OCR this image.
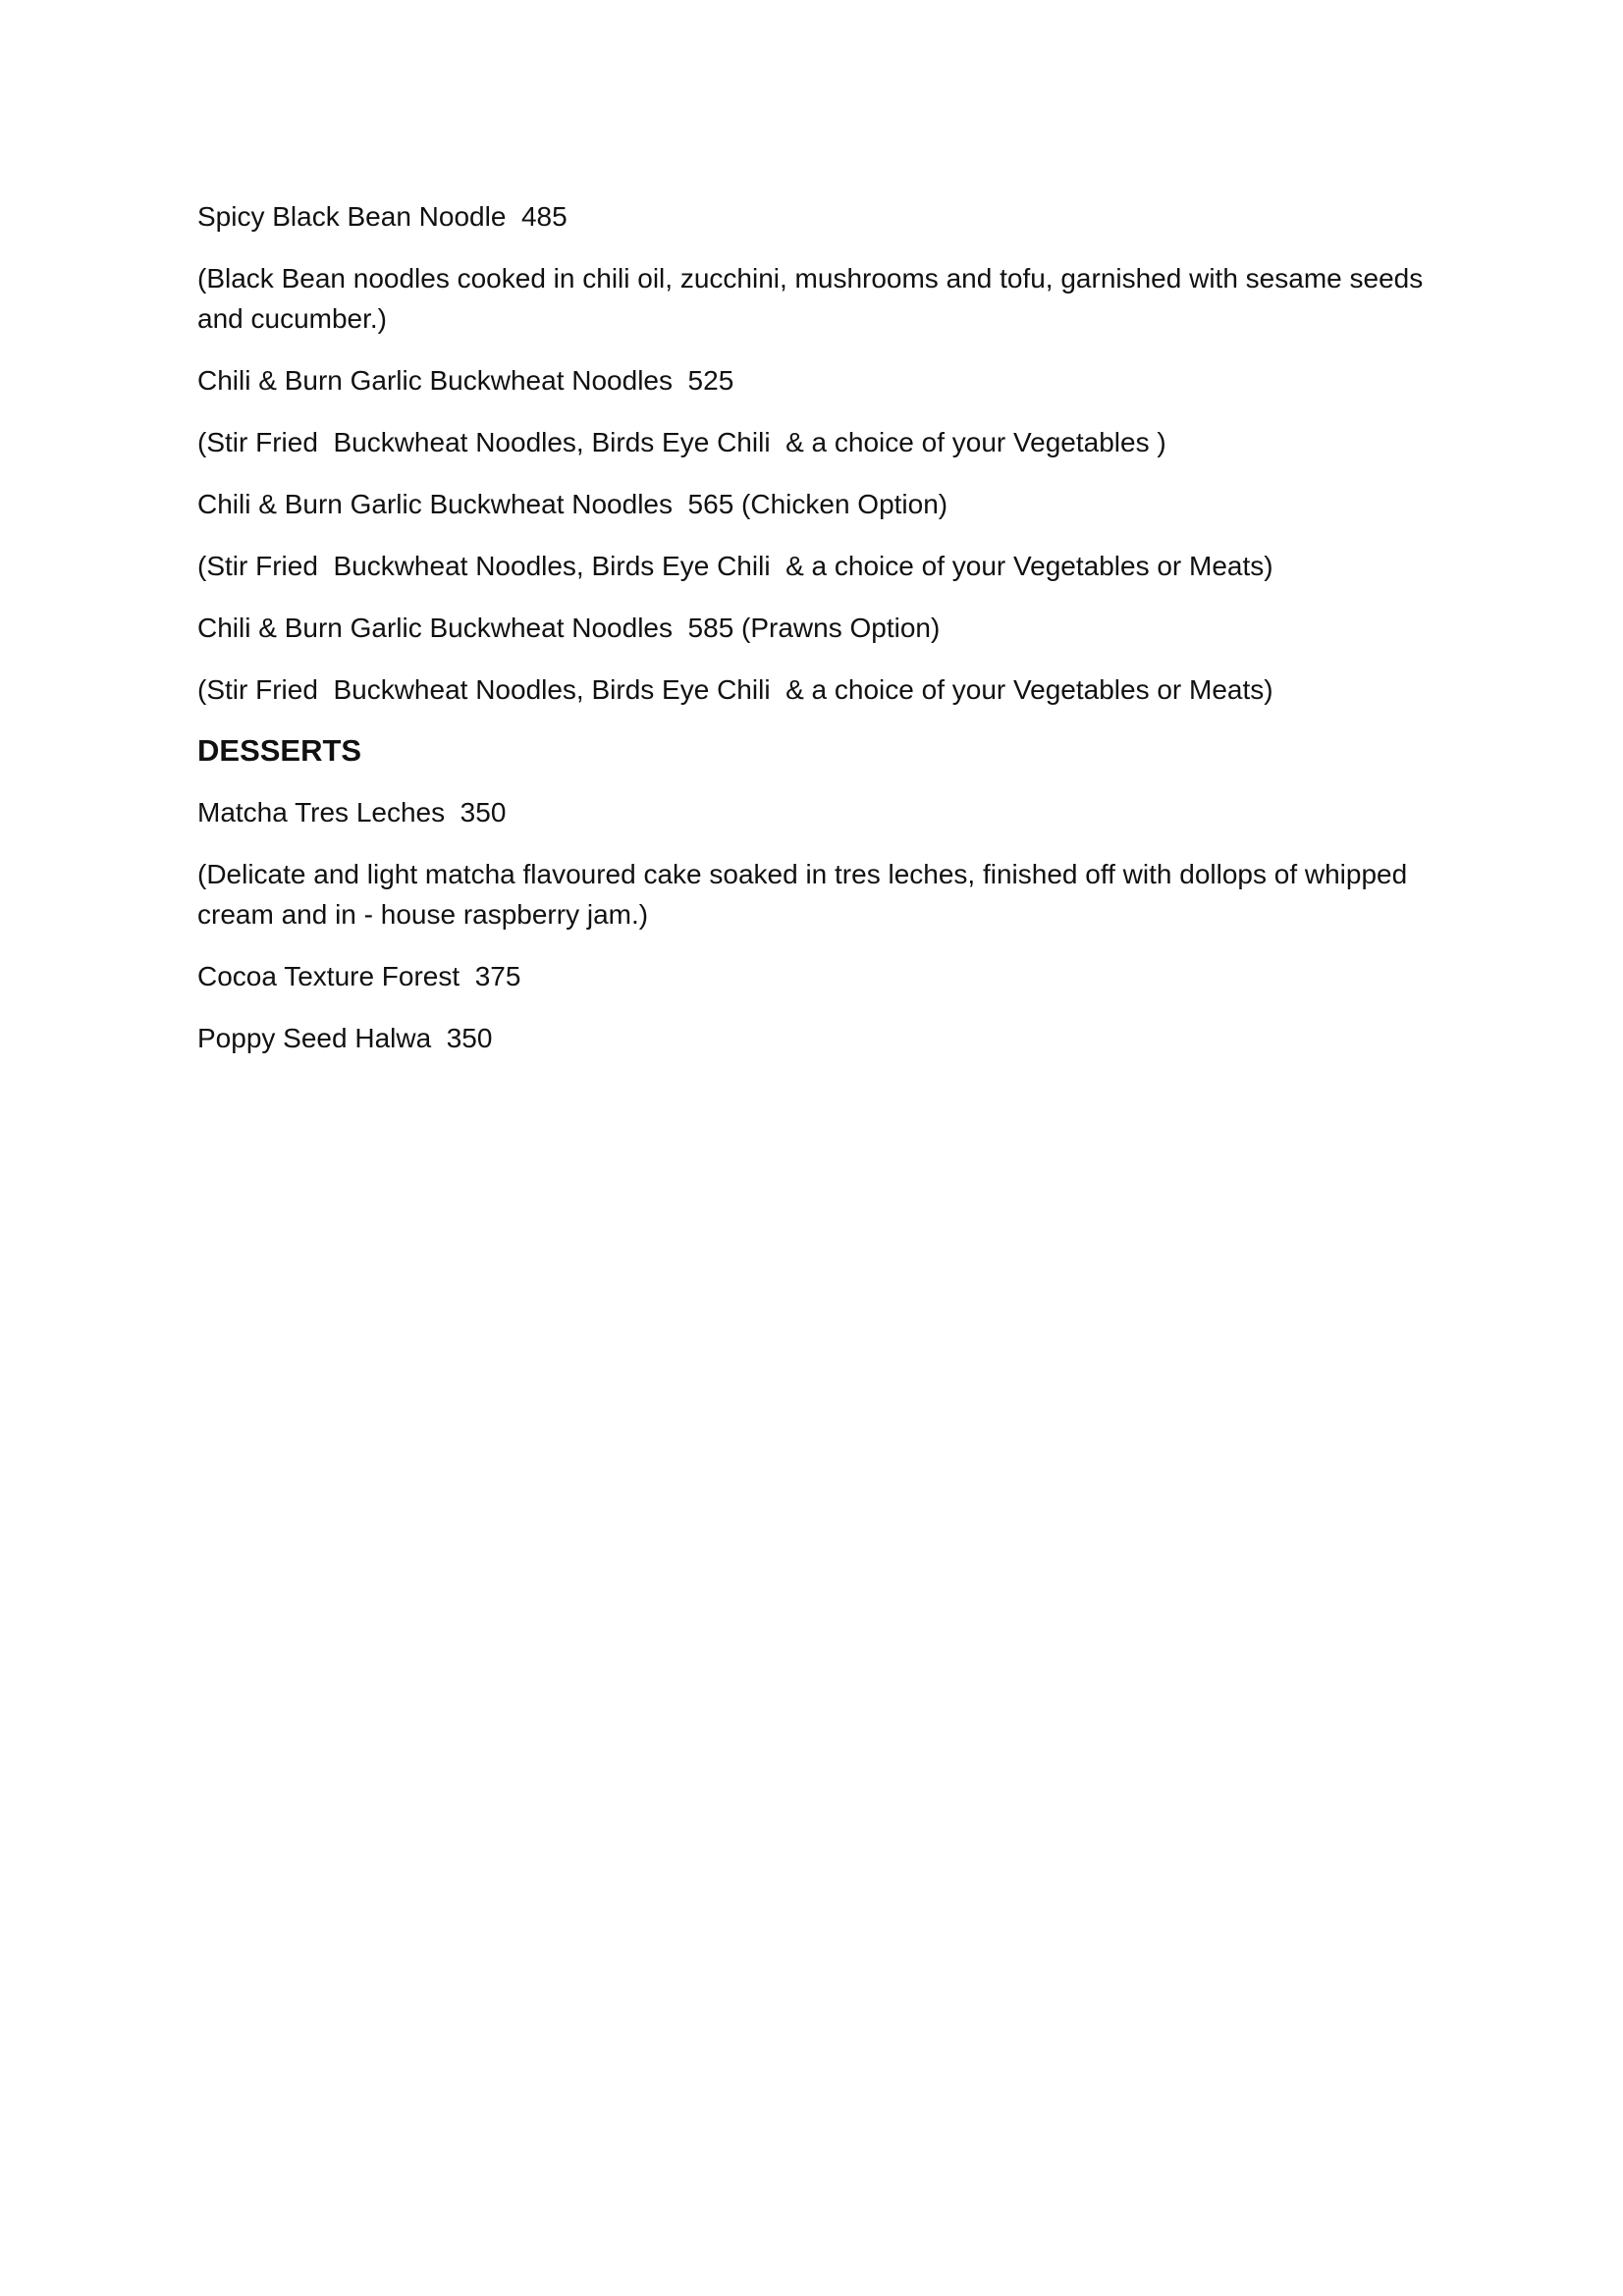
Spicy Black Bean Noodle  485

(Black Bean noodles cooked in chili oil, zucchini, mushrooms and tofu, garnished with sesame seeds and cucumber.)

Chili & Burn Garlic Buckwheat Noodles  525

(Stir Fried  Buckwheat Noodles, Birds Eye Chili  & a choice of your Vegetables )

Chili & Burn Garlic Buckwheat Noodles  565 (Chicken Option)

(Stir Fried  Buckwheat Noodles, Birds Eye Chili  & a choice of your Vegetables or Meats)

Chili & Burn Garlic Buckwheat Noodles  585 (Prawns Option)

(Stir Fried  Buckwheat Noodles, Birds Eye Chili  & a choice of your Vegetables or Meats)

DESSERTS

Matcha Tres Leches  350

(Delicate and light matcha flavoured cake soaked in tres leches, finished off with dollops of whipped cream and in - house raspberry jam.)

Cocoa Texture Forest  375

Poppy Seed Halwa  350
